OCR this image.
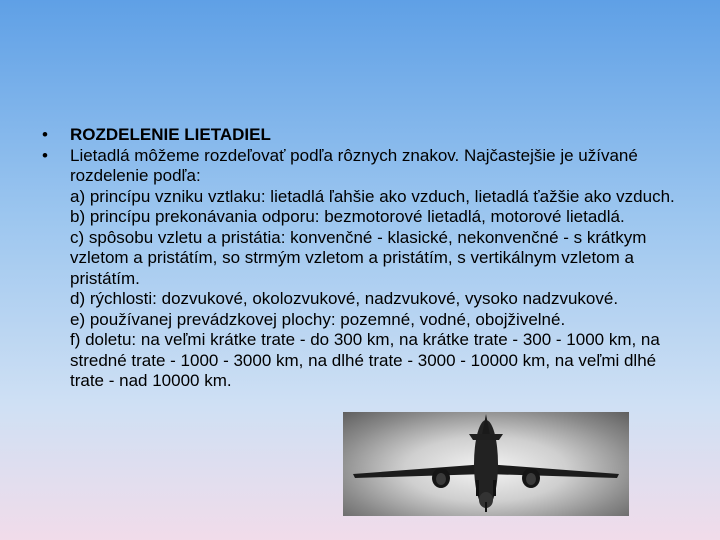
• ROZDELENIE LIETADIEL
• Lietadlá môžeme rozdeľovať podľa rôznych znakov. Najčastejšie je užívané rozdelenie podľa:
a) princípu vzniku vztlaku: lietadlá ľahšie ako vzduch, lietadlá ťažšie ako vzduch.
b) princípu prekonávania odporu: bezmotorové lietadlá, motorové lietadlá.
c) spôsobu vzletu a pristátia: konvenčné - klasické, nekonvenčné - s krátkym vzletom a pristátím, so strmým vzletom a pristátím, s vertikálnym vzletom a pristátím.
d) rýchlosti: dozvukové, okolozvukové, nadzvukové, vysoko nadzvukové.
e) používanej prevádzkovej plochy: pozemné, vodné, obojživelné.
f) doletu: na veľmi krátke trate - do 300 km, na krátke trate - 300 - 1000 km, na stredné trate - 1000 - 3000 km, na dlhé trate - 3000 - 10000 km, na veľmi dlhé trate - nad 10000 km.
